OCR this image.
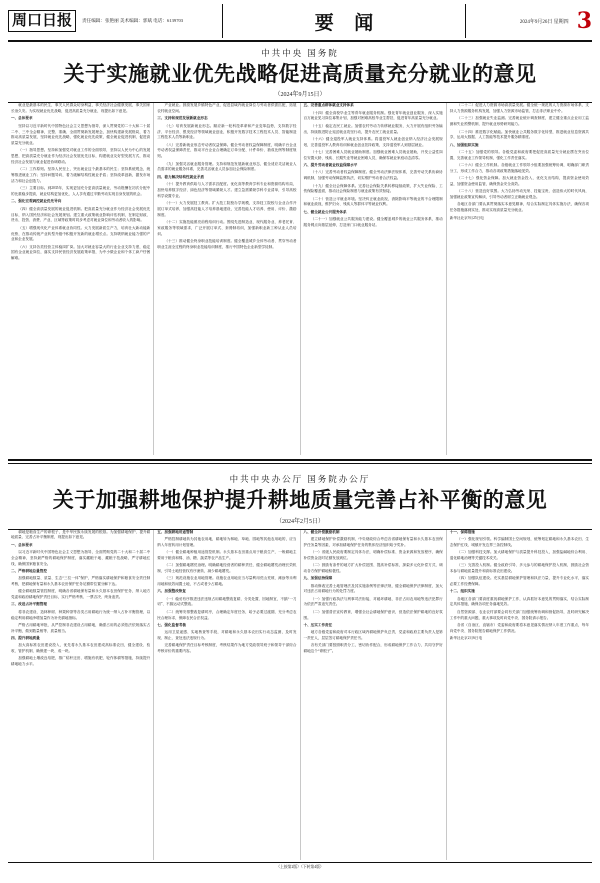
周口日报	责任编辑：张艳丽 美术编辑：郭斌 电话：6139703	要 闻	2024年9月26日 星期四 3
中共中央 国务院
关于实施就业优先战略促进高质量充分就业的意见
（2024年9月15日）

就业是最基本的民生，事关人民群众切身利益，事关经济社会健康发展，事关国家长治久安。为实现就业优先战略，促进高质量充分就业，现提出如下意见。

一、总体要求

坚持以习近平新时代中国特色社会主义思想为指导，深入贯彻党的二十大和二十届二中、三中全会精神，完整、准确、全面贯彻新发展理念，加快构建新发展格局，着力推动高质量发展，坚持就业优先战略，强化就业优先政策，健全就业促进机制，促进高质量充分就业。

（一）指导思想。坚持和加强党对就业工作的全面领导，坚持以人民为中心的发展思想，把高质量充分就业作为经济社会发展优先目标，构建就业友好型发展方式，推动经济社会发展与就业促进协调联动。

（二）工作原则。坚持人民至上，突出就业这个最基本的民生；坚持系统观念，统筹推进就业工作；坚持问题导向，着力破解结构性就业矛盾；坚持改革创新，激发市场活力和社会创造力。

（三）主要目标。到2035年，实现更加充分更高质量就业，劳动报酬在初次分配中的比重稳步提高，就业结构更加优化，人人享有通过辛勤劳动实现自身发展的机会。

二、强化宏观调控就业优先导向

（四）健全高质量发展的就业促进机制。把高质量充分就业作为经济社会发展优先目标，纳入国民经济和社会发展规划。建立重大政策就业影响评估机制，在制定财政、货币、投资、消费、产业、区域等政策时同步考虑对就业岗位和劳动者收入的影响。

（五）增强现代化产业体系就业协同性。大力发展新质生产力，培育壮大新动能新优势，在推动传统产业转型升级中积极开发新的就业增长点。支持吸纳就业能力强的产业和企业发展。

（六）支持各类经营主体稳岗扩岗。加大对就业容量大的行业企业支持力度，稳定国有企业就业岗位，落实支持民营经济发展政策举措，为中小微企业和个体工商户纾困解难。

产业就业。鼓励发展乡镇特色产业，促进县域内就业岗位与劳动者供需匹配，拓展农村就业空间。

三、支持和规范发展新就业形态

（七）培育发展新就业形态。顺应新一轮科技革命和产业变革趋势，支持数字经济、平台经济、银发经济等领域就业创业，积极开发数字技术工程技术人员、智能制造工程技术人员等新职业。

（八）完善新就业形态劳动者权益保障。健全劳动者权益保障制度，明确平台企业劳动者权益保障责任，推动平台企业合理确定订单分配、计件单价、抽成比例等制度规则。

（九）加强灵活就业服务管理。支持和规范发展新就业形态，健全适应灵活就业人员需求的就业服务体系，完善灵活就业人员参加社会保险制度。

四、着力解决结构性就业矛盾

（十）提升教育供给与人才需求匹配度。优化高等教育学科专业和资源结构布局，加快培养数字经济、绿色经济等领域紧缺人才。建立急需紧缺学科专业清单，引导高校科学设置专业。

（十一）大力发展技工教育。扩大技工院校办学规模，支持技工院校与企业合作开展订单式培养，加强高技能人才培养基地建设，完善技能人才培养、使用、评价、激励制度。

（十二）实施技能照亮前程培训行动。围绕先进制造业、现代服务业、养老托育、家政服务等领域需求，广泛开展订单式、套餐制培训，加强新职业新工种从业人员培训。

（十三）推动健全终身职业技能培训制度。健全覆盖城乡全体劳动者、贯穿劳动者职业生涯全过程的终身职业技能培训制度，推行中国特色企业新型学徒制。

五、完善重点群体就业支持体系

（十四）健全高校毕业生等青年就业服务机制。强化青年就业创业服务，深入实施百万就业见习岗位募集计划，加强对困难高校毕业生帮扶，促进青年高质量充分就业。

（十五）稳定农民工就业。加强农村劳动力转移就业服务，大力开展有组织劳务输出，持续推进防止返贫就业攻坚行动，提升农民工就业质量。

（十六）健全退役军人就业支持体系。将退役军人就业创业纳入经济社会发展规划，完善退役军人教育培训和就业创业扶持政策，支持退役军人到基层就业。

（十七）完善困难人员就业援助制度。加强就业困难人员就业援助，开发公益性岗位安置大龄、残疾、长期失业等就业困难人员，确保零就业家庭动态清零。

六、提升劳动者就业权益保障水平

（十八）完善劳动者权益保障制度。健全劳动法律法规体系，完善劳动关系协商协调机制，加强劳动保障监察执法，切实维护劳动者合法权益。

（十九）健全社会保障体系。完善社会保险关系转移接续政策，扩大失业保险、工伤保险覆盖面，推动社会保险制度与就业政策有效衔接。

（二十）营造公平就业环境。坚决纠正就业歧视，消除影响平等就业的不合理限制和就业歧视，维护妇女、残疾人等群体平等就业权利。

七、健全就业公共服务体系

（二十一）加强就业公共服务能力建设。健全覆盖城乡的就业公共服务体系，推动服务网点向基层延伸，打造家门口就业服务站。

（二十二）促进人力资源市场高质量发展。健全统一规范的人力资源市场体系，支持人力资源服务机构发展，加强人力资源市场监管，打击非法职业中介。

（二十三）加强就业失业监测。完善就业统计调查制度，建立健全重点企业用工监测和失业预警机制，提升就业形势研判能力。

（二十四）推进数字化赋能。加快就业公共服务数字化转型，推进就业信息资源共享，运用大数据、人工智能等技术提升服务精准度。

八、加强组织实施

（二十五）加强党的领导。各级党委和政府要把促进高质量充分就业摆在突出位置，完善就业工作领导机制，强化工作责任落实。

（二十六）健全工作机制。各级就业工作领导小组要加强统筹协调，明确部门职责分工，形成工作合力，推动各项政策措施落地见效。

（二十七）强化资金保障。加大就业资金投入，优化支出结构，提高资金使用效益，加强资金使用监管，确保资金安全高效。

（二十八）营造良好氛围。大力弘扬劳动光荣、技能宝贵、创造伟大的时代风尚，加强就业政策宣传解读，引导劳动者树立正确就业观念。

各地区各部门要认真贯彻落实本意见精神，结合实际制定具体实施办法，确保各项任务措施落到实处，推动实现高质量充分就业。

新华社北京9月25日电

中共中央办公厅 国务院办公厅
关于加强耕地保护提升耕地质量完善占补平衡的意见
（2024年2月5日）

耕地是粮食生产的命根子，是中华民族永续发展的根基。为加强耕地保护、提升耕地质量、完善占补平衡制度，现提出如下意见。

一、总体要求

以习近平新时代中国特色社会主义思想为指导，全面贯彻党的二十大和二十届二中全会精神，坚持最严格的耕地保护制度，落实藏粮于地、藏粮于技战略，严守耕地红线，确保国家粮食安全。

二、严格耕地总量管控

加强耕地数量、质量、生态“三位一体”保护，严格落实耕地保护和粮食安全责任制考核，把耕地保有量和永久基本农田保护任务足额带位置分解下达。

健全耕地数量管控制度，明确各省耕地保有量和永久基本农田保护任务，纳入地方党委和政府耕地保护责任目标，实行严格考核、一票否决、终身追责。

三、改进占补平衡管理

将非农建设、造林种树、种果种茶等各类占用耕地行为统一纳入占补平衡管理，以稳定利用耕地净增加量作为补充耕地指标。

严格占用耕地审批，从严控制非农建设占用耕地，确需占用的必须依法依规落实占补平衡，做到数量相等、质量相当。

四、提升耕地质量

加大高标准农田建设投入，优先将永久基本农田建成高标准农田，健全建设、验收、管护机制，确保建一块、成一块。

加强耕地土壤改良培肥，推广秸秆还田、增施有机肥、轮作休耕等措施，持续提升耕地地力水平。

五、加强耕地用途管制

严格控制耕地转为其他农用地，耕地转为林地、草地、园地等其他农用地的，应当纳入年度转用计划管理。

（一）健全耕地种植用途管控机制。永久基本农田重点用于粮食生产，一般耕地主要用于粮食和棉、油、糖、蔬菜等农产品生产。

（二）加强耕地撂荒治理。明确耕地经营者的耕种责任，健全耕地撂荒治理长效机制，引导土地经营权有序流转，减少耕地撂荒。

（三）规范设施农业用地管理。设施农业用地应当尽量利用荒山荒坡、滩涂等未利用地和低效闲置土地，不占或者少占耕地。

六、加强整改恢复

（一）稳妥有序推进违法违规占用耕地整改复耕，分类处置、因地制宜，不搞“一刀切”、不搞运动式整改。

（二）统筹安排整改复耕时序，合理确定年度任务，给予必要过渡期，充分考虑农民合理诉求，保障农民合法权益。

七、强化监督考核

运用卫星遥感、实地核查等手段，对耕地和永久基本农田实行动态监测，及时发现、制止、查处违法违规行为。

完善耕地保护责任目标考核制度，考核结果作为地方党政领导班子和领导干部综合考核评价的重要内容。

八、健全补偿激励机制

建立耕地保护补偿激励机制，中央财政综合考虑各省耕地保有量和永久基本农田保护任务量等因素，对承担耕地保护任务的集体经济组织给予奖补。

（一）省级人民政府要制定具体办法，明确补偿标准、资金来源和发放程序，确保补偿资金及时足额发放到位。

（二）鼓励有条件的地方扩大补偿范围、提高补偿标准，探索多元化补偿方式，调动各方保护耕地积极性。

九、加强法治保障

推动修改完善土地管理法及其实施条例等法律法规，健全耕地保护法律制度，加大对违法占用耕地行为的处罚力度。

（一）加强行政执法与刑事司法衔接，对破坏耕地、非法占用农用地等违法犯罪行为依法严肃追究责任。

（二）加强普法宣传教育，增强全社会耕地保护意识，营造依法保护耕地的良好氛围。

十、压实工作责任

地方各级党委和政府对本行政区域内耕地保护负总责，党委和政府主要负责人是第一责任人，层层签订耕地保护责任书。

各有关部门要按照职责分工，密切协作配合，形成耕地保护工作合力，共同守护好耕地这个“命根子”。

十一、保障措施

（一）强化规划引领。科学编制国土空间规划，统筹划定耕地和永久基本农田、生态保护红线、城镇开发边界三条控制线。

（二）加强科技支撑。加大耕地保护与质量提升科技投入，加强盐碱地综合利用、退化耕地治理等关键技术攻关。

（三）完善投入机制。健全政府引导、多元参与的耕地保护投入机制，鼓励社会资本参与耕地质量提升和高标准农田建设。

（四）加强队伍建设。充实基层耕地保护管理和执法力量，提升专业化水平，落实必要工作经费保障。

十二、组织实施

各地区各部门要高度重视耕地保护工作，认真抓好本意见的贯彻落实，结合实际制定具体措施，确保各项任务落地见效。

自然资源部、农业农村部要会同有关部门加强统筹协调和督促指导，及时研究解决工作中的重大问题，重大事项及时向党中央、国务院请示报告。

各省（自治区、直辖市）党委和政府要将本意见落实情况纳入年度工作重点，每年向党中央、国务院报告耕地保护工作情况。

新华社北京2月6日电

（上接第2版）（下转第4版）
